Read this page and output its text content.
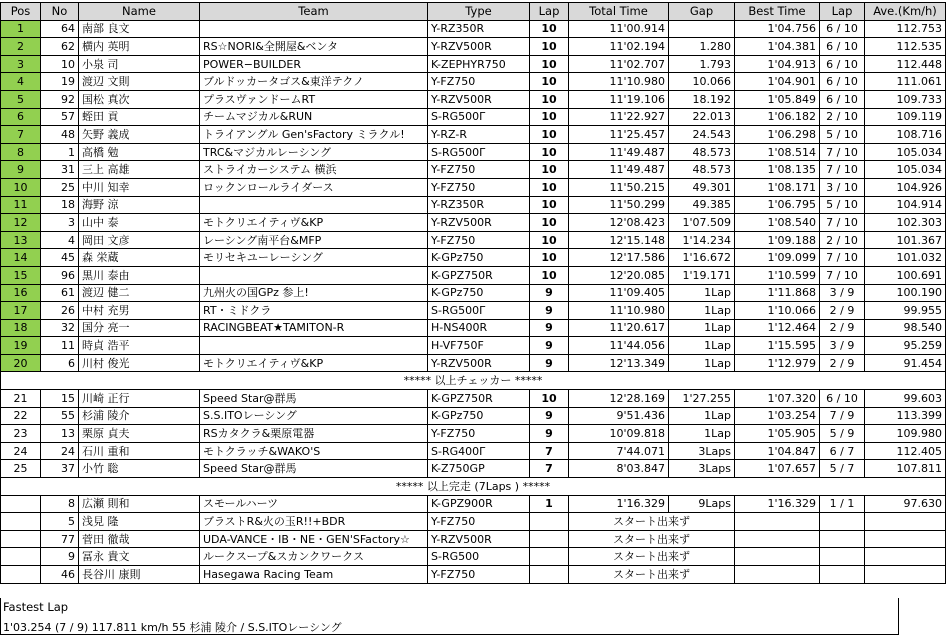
Pos	No	Name	Team	Type	Lap	Total Time	Gap	Best Time	Lap	Ave.(Km/h)
1	64	南部 良文		Y-RZ350R	10	11'00.914		1'04.756	6 / 10	112.753
2	62	横内 英明	RS☆NORI&全開屋&ベンタ	Y-RZV500R	10	11'02.194	1.280	1'04.381	6 / 10	112.535
3	10	小泉 司	POWER−BUILDER	K-ZEPHYR750	10	11'02.707	1.793	1'04.913	6 / 10	112.448
4	19	渡辺 文則	ブルドッカータゴス&東洋テクノ	Y-FZ750	10	11'10.980	10.066	1'04.901	6 / 10	111.061
5	92	国松 真次	プラスヴァンドームRT	Y-RZV500R	10	11'19.106	18.192	1'05.849	6 / 10	109.733
6	57	蛭田 貢	チームマジカル&RUN	S-RG500Γ	10	11'22.927	22.013	1'06.182	2 / 10	109.119
7	48	矢野 義成	トライアングル Gen'sFactory ミラクル!	Y-RZ-R	10	11'25.457	24.543	1'06.298	5 / 10	108.716
8	1	高橋 勉	TRC&マジカルレーシング	S-RG500Γ	10	11'49.487	48.573	1'08.514	7 / 10	105.034
9	31	三上 高雄	ストライカーシステム 横浜	Y-FZ750	10	11'49.487	48.573	1'08.135	7 / 10	105.034
10	25	中川 知幸	ロックンロールライダース	Y-FZ750	10	11'50.215	49.301	1'08.171	3 / 10	104.926
11	18	海野 涼		Y-RZ350R	10	11'50.299	49.385	1'06.795	5 / 10	104.914
12	3	山中 泰	モトクリエイティヴ&KP	Y-RZV500R	10	12'08.423	1'07.509	1'08.540	7 / 10	102.303
13	4	岡田 文彦	レーシング南平台&MFP	Y-FZ750	10	12'15.148	1'14.234	1'09.188	2 / 10	101.367
14	45	森 栄蔵	モリセキユーレーシング	K-GPz750	10	12'17.586	1'16.672	1'09.099	7 / 10	101.032
15	96	黒川 泰由		K-GPZ750R	10	12'20.085	1'19.171	1'10.599	7 / 10	100.691
16	61	渡辺 健二	九州火の国GPz 参上!	K-GPz750	9	11'09.405	1Lap	1'11.868	3 / 9	100.190
17	26	中村 充男	RT・ミドクラ	S-RG500Γ	9	11'10.980	1Lap	1'10.066	2 / 9	99.955
18	32	国分 亮一	RACINGBEAT★TAMITON-R	H-NS400R	9	11'20.617	1Lap	1'12.464	2 / 9	98.540
19	11	時貞 浩平		H-VF750F	9	11'44.056	1Lap	1'15.595	3 / 9	95.259
20	6	川村 俊光	モトクリエイティヴ&KP	Y-RZV500R	9	12'13.349	1Lap	1'12.979	2 / 9	91.454
***** 以上チェッカー *****										
21	15	川崎 正行	Speed Star@群馬	K-GPZ750R	10	12'28.169	1'27.255	1'07.320	6 / 10	99.603
22	55	杉浦 陵介	S.S.ITOレーシング	K-GPz750	9	9'51.436	1Lap	1'03.254	7 / 9	113.399
23	13	栗原 貞夫	RSカタクラ&栗原電器	Y-FZ750	9	10'09.818	1Lap	1'05.905	5 / 9	109.980
24	24	石川 重和	モトクラッチ&WAKO'S	S-RG400Γ	7	7'44.071	3Laps	1'04.847	6 / 7	112.405
25	37	小竹 聡	Speed Star@群馬	K-Z750GP	7	8'03.847	3Laps	1'07.657	5 / 7	107.811
***** 以上完走 (7Laps ) *****										
	8	広瀬 則和	スモールハーツ	K-GPZ900R	1	1'16.329	9Laps	1'16.329	1 / 1	97.630
	5	浅見 隆	ブラストR&火の玉R!!+BDR	Y-FZ750		スタート出来ず				
	77	菅田 徹哉	UDA-VANCE・IB・NE・GEN'SFactory☆	Y-RZV500R		スタート出来ず				
	9	冨永 貴文	ルークスープ&スカンクワークス	S-RG500		スタート出来ず				
	46	長谷川 康則	Hasegawa Racing Team	Y-FZ750		スタート出来ず				
Fastest Lap
1'03.254 (7 / 9) 117.811 km/h 55 杉浦 陵介 / S.S.ITOレーシング
